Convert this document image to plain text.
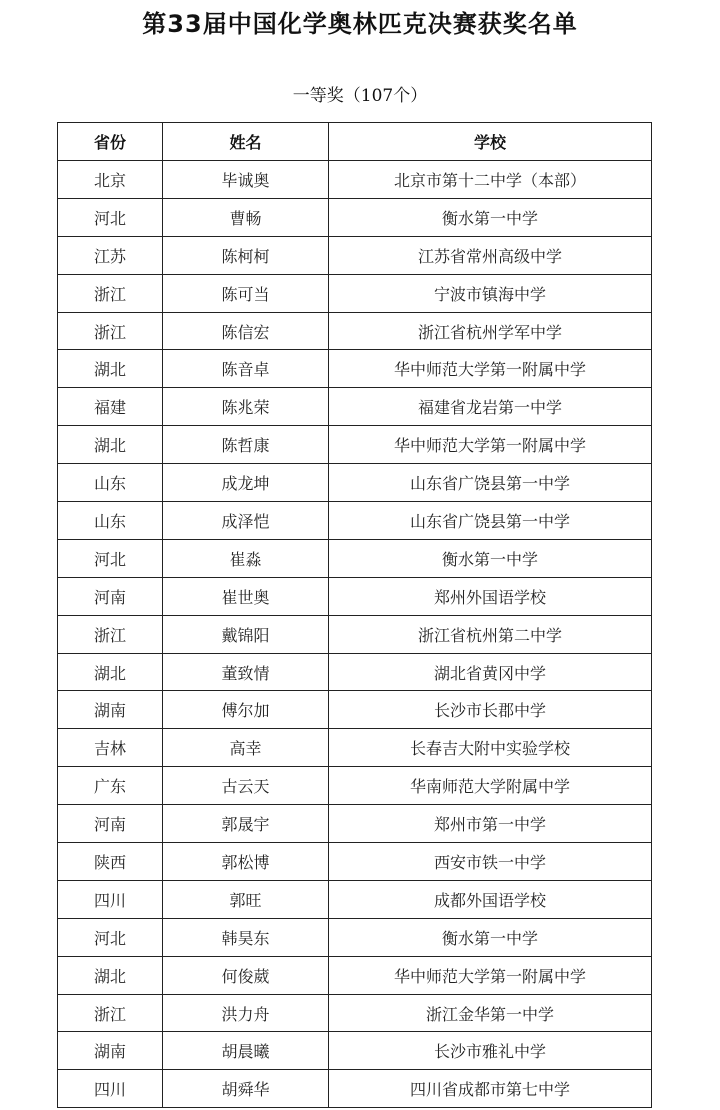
第33届中国化学奥林匹克决赛获奖名单
一等奖（107个）
省份	姓名	学校
北京	毕诚奥	北京市第十二中学（本部）
河北	曹畅	衡水第一中学
江苏	陈柯柯	江苏省常州高级中学
浙江	陈可当	宁波市镇海中学
浙江	陈信宏	浙江省杭州学军中学
湖北	陈音卓	华中师范大学第一附属中学
福建	陈兆荣	福建省龙岩第一中学
湖北	陈哲康	华中师范大学第一附属中学
山东	成龙坤	山东省广饶县第一中学
山东	成泽恺	山东省广饶县第一中学
河北	崔淼	衡水第一中学
河南	崔世奥	郑州外国语学校
浙江	戴锦阳	浙江省杭州第二中学
湖北	董致情	湖北省黄冈中学
湖南	傅尔加	长沙市长郡中学
吉林	高幸	长春吉大附中实验学校
广东	古云天	华南师范大学附属中学
河南	郭晟宇	郑州市第一中学
陕西	郭松博	西安市铁一中学
四川	郭旺	成都外国语学校
河北	韩昊东	衡水第一中学
湖北	何俊葳	华中师范大学第一附属中学
浙江	洪力舟	浙江金华第一中学
湖南	胡晨曦	长沙市雅礼中学
四川	胡舜华	四川省成都市第七中学
